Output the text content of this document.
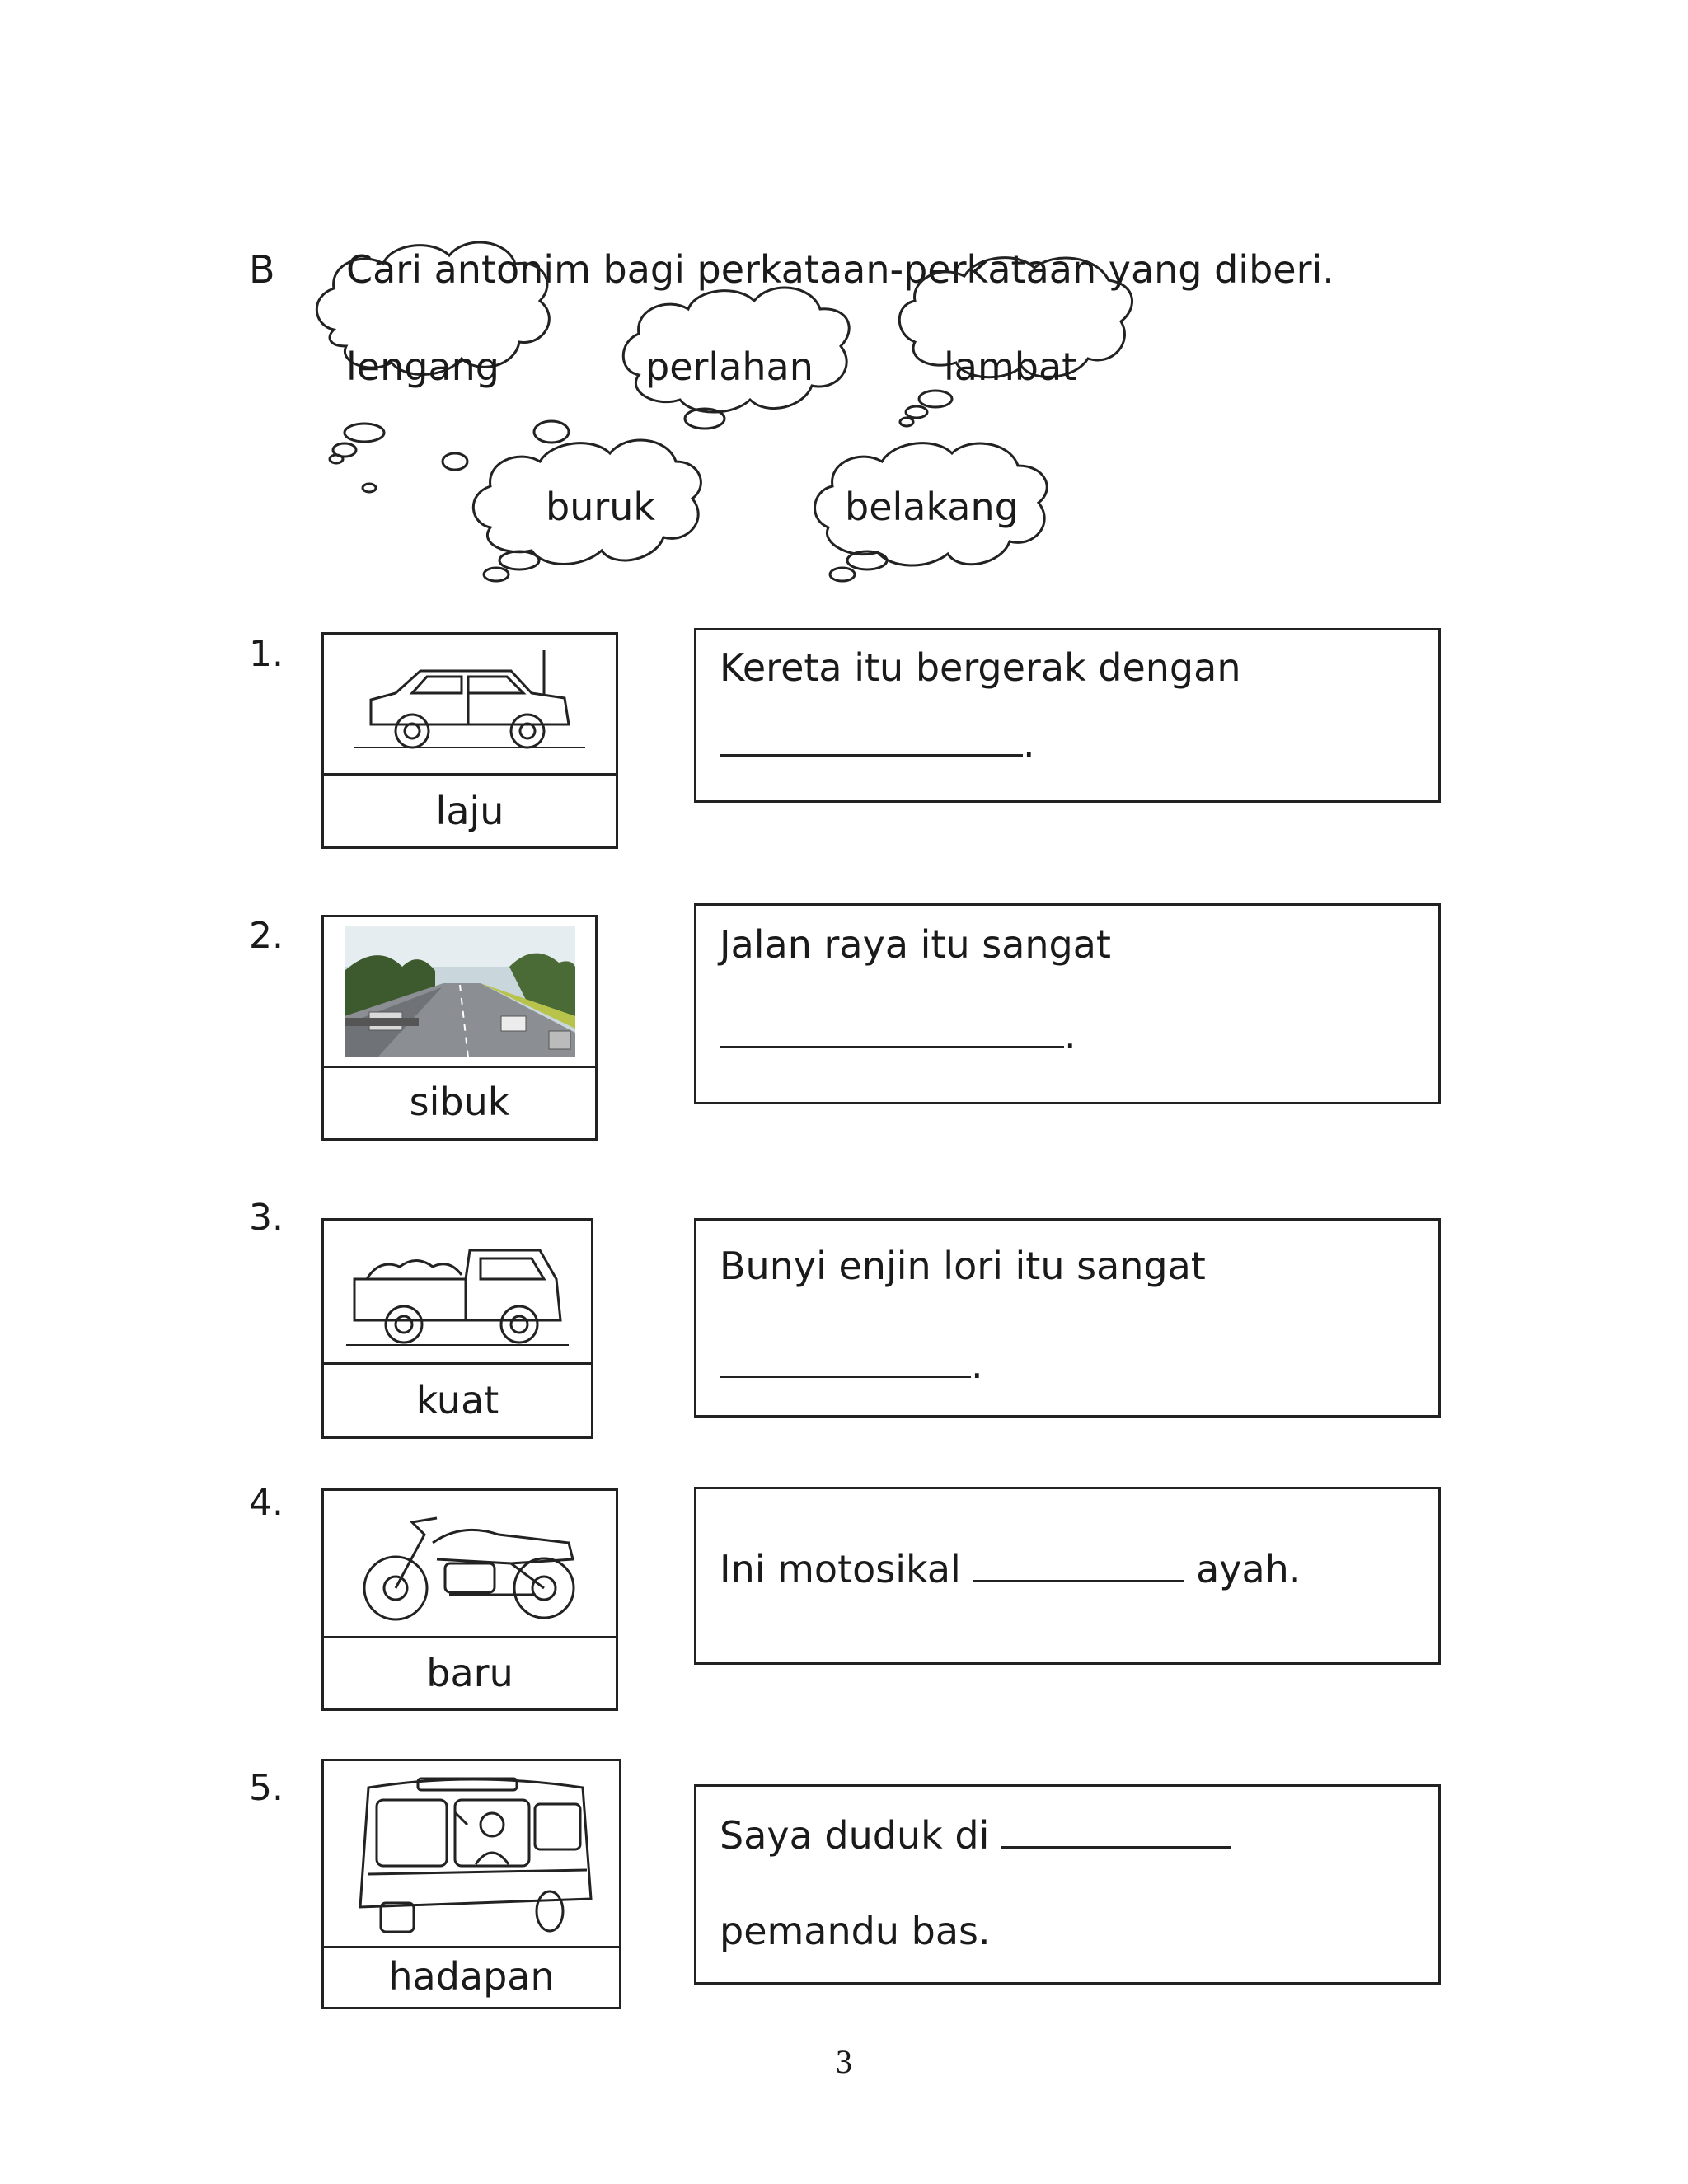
B Cari antonim bagi perkataan-perkataan yang diberi.
lengang	perlahan	lambat
buruk	belakang
1.
laju
Kereta itu bergerak dengan
.
2.
sibuk
Jalan raya itu sangat
.
3.
kuat
Bunyi enjin lori itu sangat
.
4.
baru
Ini motosikal	ayah.
5.
hadapan
Saya duduk di
pemandu bas.
3
